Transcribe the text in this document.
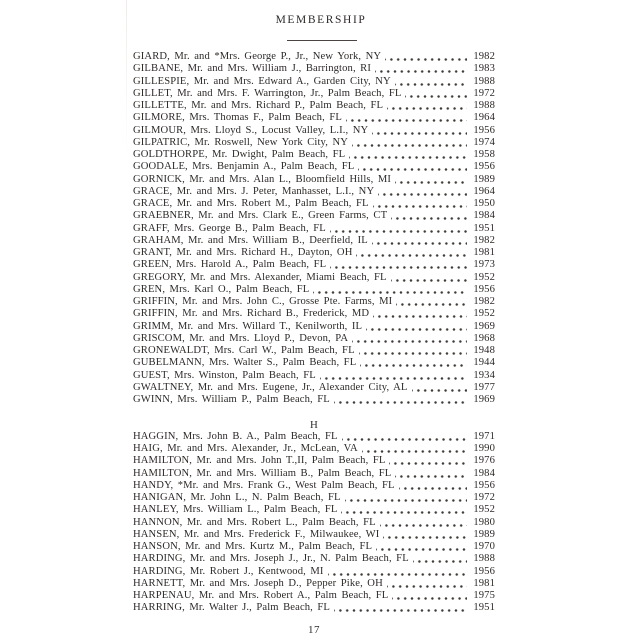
MEMBERSHIP
GIARD, Mr. and *Mrs. George P., Jr., New York, NY	1982
GILBANE, Mr. and Mrs. William J., Barrington, RI	1983
GILLESPIE, Mr. and Mrs. Edward A., Garden City, NY	1988
GILLET, Mr. and Mrs. F. Warrington, Jr., Palm Beach, FL	1972
GILLETTE, Mr. and Mrs. Richard P., Palm Beach, FL	1988
GILMORE, Mrs. Thomas F., Palm Beach, FL	1964
GILMOUR, Mrs. Lloyd S., Locust Valley, L.I., NY	1956
GILPATRIC, Mr. Roswell, New York City, NY	1974
GOLDTHORPE, Mr. Dwight, Palm Beach, FL	1958
GOODALE, Mrs. Benjamin A., Palm Beach, FL	1956
GORNICK, Mr. and Mrs. Alan L., Bloomfield Hills, MI	1989
GRACE, Mr. and Mrs. J. Peter, Manhasset, L.I., NY	1964
GRACE, Mr. and Mrs. Robert M., Palm Beach, FL	1950
GRAEBNER, Mr. and Mrs. Clark E., Green Farms, CT	1984
GRAFF, Mrs. George B., Palm Beach, FL	1951
GRAHAM, Mr. and Mrs. William B., Deerfield, IL	1982
GRANT, Mr. and Mrs. Richard H., Dayton, OH	1981
GREEN, Mrs. Harold A., Palm Beach, FL	1973
GREGORY, Mr. and Mrs. Alexander, Miami Beach, FL	1952
GREN, Mrs. Karl O., Palm Beach, FL	1956
GRIFFIN, Mr. and Mrs. John C., Grosse Pte. Farms, MI	1982
GRIFFIN, Mr. and Mrs. Richard B., Frederick, MD	1952
GRIMM, Mr. and Mrs. Willard T., Kenilworth, IL	1969
GRISCOM, Mr. and Mrs. Lloyd P., Devon, PA	1968
GRONEWALDT, Mrs. Carl W., Palm Beach, FL	1948
GUBELMANN, Mrs. Walter S., Palm Beach, FL	1944
GUEST, Mrs. Winston, Palm Beach, FL	1934
GWALTNEY, Mr. and Mrs. Eugene, Jr., Alexander City, AL	1977
GWINN, Mrs. William P., Palm Beach, FL	1969
H
HAGGIN, Mrs. John B. A., Palm Beach, FL	1971
HAIG, Mr. and Mrs. Alexander, Jr., McLean, VA	1990
HAMILTON, Mr. and Mrs. John T.,II, Palm Beach, FL	1976
HAMILTON, Mr. and Mrs. William B., Palm Beach, FL	1984
HANDY, *Mr. and Mrs. Frank G., West Palm Beach, FL	1956
HANIGAN, Mr. John L., N. Palm Beach, FL	1972
HANLEY, Mrs. William L., Palm Beach, FL	1952
HANNON, Mr. and Mrs. Robert L., Palm Beach, FL	1980
HANSEN, Mr. and Mrs. Frederick F., Milwaukee, WI	1989
HANSON, Mr. and Mrs. Kurtz M., Palm Beach, FL	1970
HARDING, Mr. and Mrs. Joseph J., Jr., N. Palm Beach, FL	1988
HARDING, Mr. Robert J., Kentwood, MI	1956
HARNETT, Mr. and Mrs. Joseph D., Pepper Pike, OH	1981
HARPENAU, Mr. and Mrs. Robert A., Palm Beach, FL	1975
HARRING, Mr. Walter J., Palm Beach, FL	1951
17
